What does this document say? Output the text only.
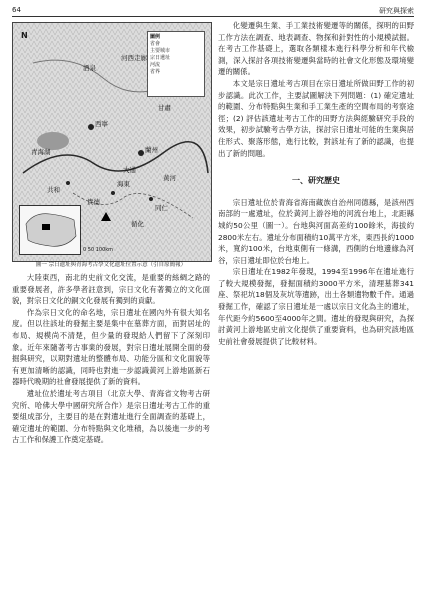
64	研究與探索
N
河西走廊
酒泉
甘肅
青海湖
西寧
蘭州
共和
貴德
同仁
大通
海東
循化
黃河
圖例
省會
主要城市
宗日遺址
河流
省界
0 50 100km
圖一 宗日遺址與青海考古學文化遺址位置示意（引自原簡報）

大陸東西，南北的史前文化交流，是重要的絲綢之路的重要發展者，許多學者註意到，宗日文化有著獨立的文化面貌，對宗日文化的銅文化發展有獨到的貢獻。

作為宗日文化的命名地，宗日遺址在國內外有很大知名度。但以往該址的發掘主要是集中在墓葬方面，而對居址的布局、規模尚不清楚，但少量的發現給人們留下了深刻印象。近年來隨著考古事業的發展，對宗日遺址展開全面的發掘與研究，以期對遺址的整體布局、功能分區和文化面貌等有更加清晰的認識，同時也對進一步認識黃河上游地區新石器時代晚期的社會發展提供了新的資料。

遺址位於遺址考古項目（北京大學、青海省文物考古研究所、哈佛大學中國研究所合作）是宗日遺址考古工作的重要組成部分，主要目的是在對遺址進行全面調查的基礎上，確定遺址的範圍、分布特點與文化堆積，為以後進一步的考古工作和保護工作奠定基礎。

化變遷與生業、手工業技術變遷等的關係，探明的田野工作方法在調查、地表調查、物探和針對性的小規模試掘。在考古工作基礎上，選取各類樣本進行科學分析和年代檢測，深入探討各項技術變遷與當時的社會文化形態及環境變遷的關係。

本文是宗日遺址考古項目在宗日遺址所做田野工作的初步認識。此次工作，主要試圖解決下列問題：(1) 確定遺址的範圍、分布特點與生業和手工業生產的空間布局的考察途徑；(2) 評估該遺址考古工作的田野方法與經驗研究手段的效果，初步試驗考古學方法，探討宗日遺址可能的生業與居住形式、聚落形態，進行比較，對該址有了新的認識，也提出了新的問題。

一、研究歷史

宗日遺址位於青海省海南藏族自治州同德縣，是該州西南部的一處遺址，位於黃河上游谷地的河流台地上，北距縣城約50公里（圖一）。台地與河面高差約100餘米，海拔約2800米左右。遺址分布面積約10萬平方米，東西長約1000米，寬約100米，台地東側有一條溝，西側的台地邊緣為河谷，宗日遺址即位於台地上。

宗日遺址在1982年發現，1994至1996年在遺址進行了較大規模發掘，發掘面積約3000平方米，清理墓葬341座、祭祀坑18個及灰坑等遺跡，出土各類遺物數千件。通過發掘工作，確認了宗日遺址是一處以宗日文化為主的遺址，年代距今約5600至4000年之間。遺址的發現與研究，為探討黃河上游地區史前文化提供了重要資料，也為研究該地區史前社會發展提供了比較材料。
